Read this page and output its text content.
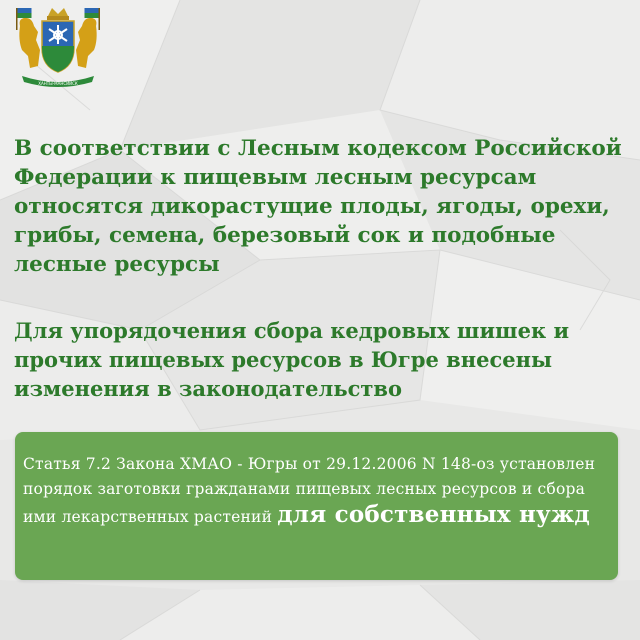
ХАНТЫ-МАНСИЙСК

В соответствии с Лесным кодексом Российской Федерации к пищевым лесным ресурсам относятся дикорастущие плоды, ягоды, орехи, грибы, семена, березовый сок и подобные лесные ресурсы

Для упорядочения сбора кедровых шишек и прочих пищевых ресурсов в Югре внесены изменения в законодательство

Статья 7.2 Закона ХМАО - Югры от 29.12.2006 N 148-оз установлен порядок заготовки гражданами пищевых лесных ресурсов и сбора ими лекарственных растений для собственных нужд
